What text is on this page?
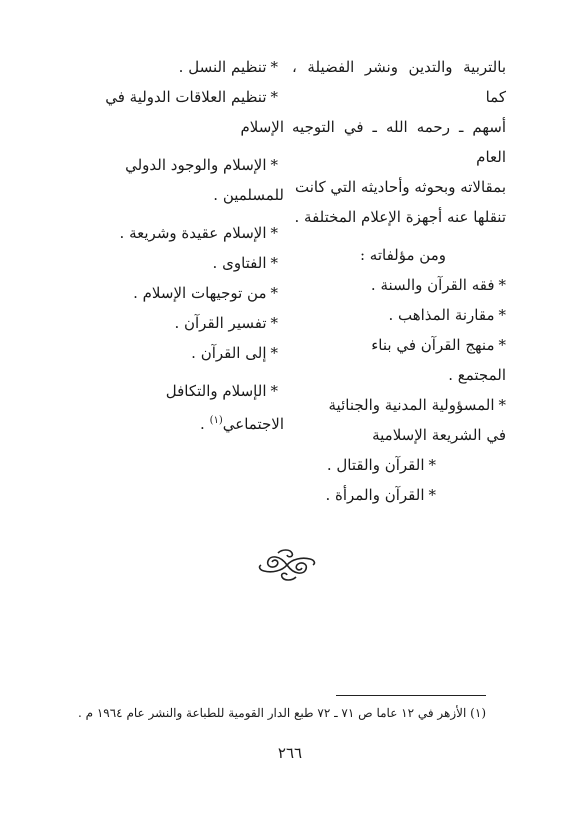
بالتربية والتدين ونشر الفضيلة ، كما

أسهم ـ رحمه الله ـ في التوجيه العام

بمقالاته وبحوثه وأحاديثه التي كانت

تنقلها عنه أجهزة الإعلام المختلفة .

ومن مؤلفاته :

*فقه القرآن والسنة .

*مقارنة المذاهب .

*منهج القرآن في بناء

المجتمع .

*المسؤولية المدنية والجنائية

في الشريعة الإسلامية

*القرآن والقتال .

*القرآن والمرأة .

*تنظيم النسل .

*تنظيم العلاقات الدولية في

الإسلام

*الإسلام والوجود الدولي

للمسلمين .

*الإسلام عقيدة وشريعة .

*الفتاوى .

*من توجيهات الإسلام .

*تفسير القرآن .

*إلى القرآن .

*الإسلام والتكافل

الاجتماعي$^{(١)}$ .

(١) الأزهر في ١٢ عاما ص ٧١ ـ ٧٢ طبع الدار القومية للطباعة والنشر عام ١٩٦٤ م .
٢٦٦
